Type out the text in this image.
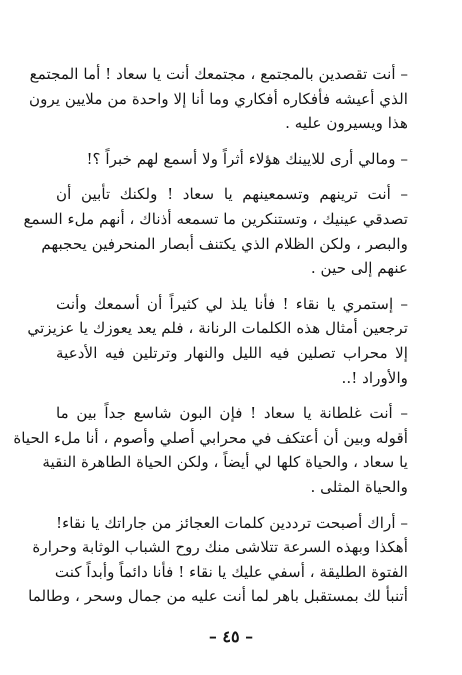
– أنت تقصدين بالمجتمع ، مجتمعك أنت يا سعاد ! أما المجتمع
الذي أعيشه فأفكاره أفكاري وما أنا إلا واحدة من ملايين يرون
هذا ويسيرون عليه .
– ومالي أرى للايينك هؤلاء أثراً ولا أسمع لهم خبراً ؟!
– أنت ترينهم وتسمعينهم يا سعاد ! ولكنك تأبين أن
تصدقي عينيك ، وتستنكرين ما تسمعه أذناك ، أنهم ملء السمع
والبصر ، ولكن الظلام الذي يكتنف أبصار المنحرفين يحجبهم
عنهم إلى حين .
– إستمري يا نقاء ! فأنا يلذ لي كثيراً أن أسمعك وأنت
ترجعين أمثال هذه الكلمات الرنانة ، فلم يعد يعوزك يا عزيزتي
إلا محراب تصلين فيه الليل والنهار وترتلين فيه الأدعية
والأوراد !..
– أنت غلطانة يا سعاد ! فإن البون شاسع جداً بين ما
أقوله وبين أن أعتكف في محرابي أصلي وأصوم ، أنا ملء الحياة
يا سعاد ، والحياة كلها لي أيضاً ، ولكن الحياة الطاهرة النقية
والحياة المثلى .
– أراك أصبحت ترددين كلمات العجائز من جاراتك يا نقاء!
أهكذا وبهذه السرعة تتلاشى منك روح الشباب الوثابة وحرارة
الفتوة الطليقة ، أسفي عليك يا نقاء ! فأنا دائماً وأبداً كنت
أتنبأ لك بمستقبل باهر لما أنت عليه من جمال وسحر ، وطالما
– ٤٥ –
